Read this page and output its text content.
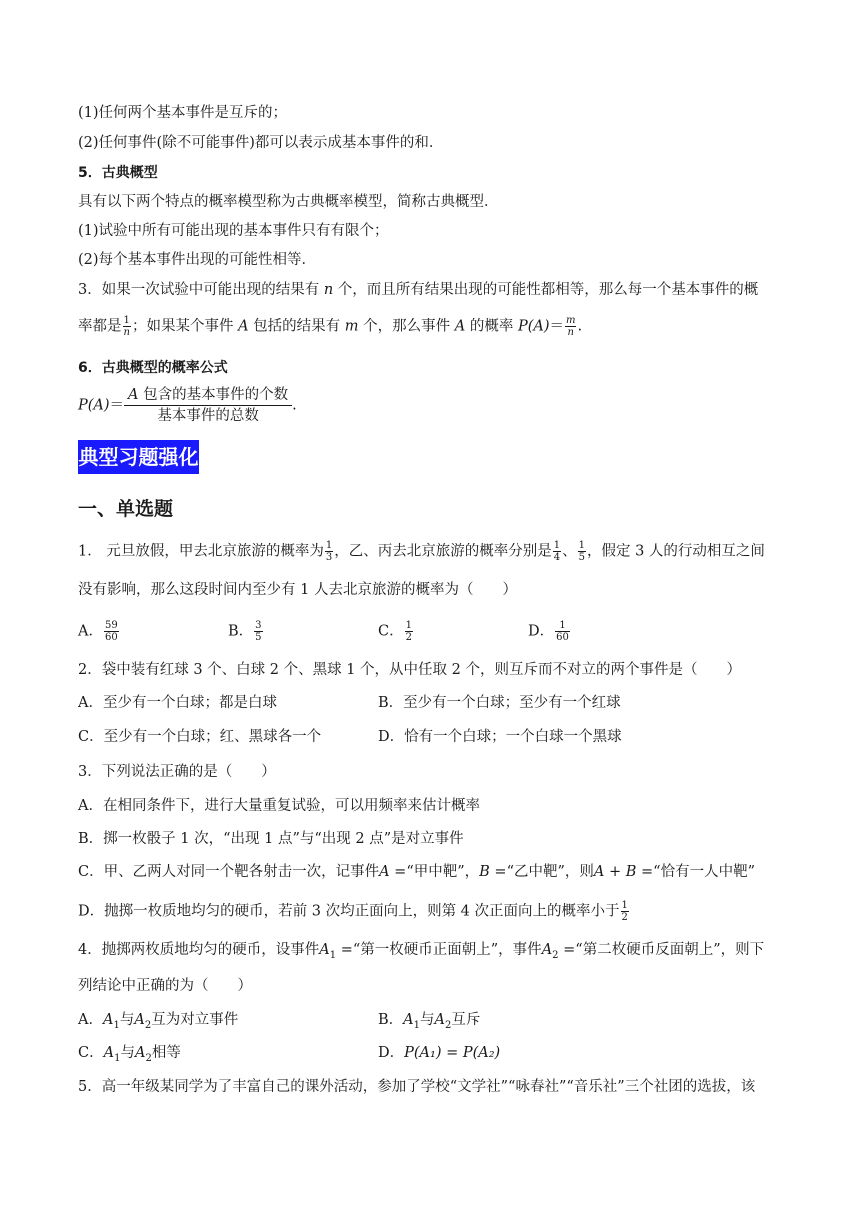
(1)任何两个基本事件是互斥的；
(2)任何事件(除不可能事件)都可以表示成基本事件的和．
5．古典概型
具有以下两个特点的概率模型称为古典概率模型，简称古典概型．
(1)试验中所有可能出现的基本事件只有有限个；
(2)每个基本事件出现的可能性相等．
3．如果一次试验中可能出现的结果有 n 个，而且所有结果出现的可能性都相等，那么每一个基本事件的概
率都是 $\frac{1}{n}$ ；如果某个事件 A 包括的结果有 m 个，那么事件 A 的概率 $P(A)= \frac{m}{n}$ .
6．古典概型的概率公式
P(A)＝
A 包含的基本事件的个数
基本事件的总数
.
典型习题强化
一、单选题
1． 元旦放假，甲去北京旅游的概率为 $\frac{1}{3}$ ，乙、丙去北京旅游的概率分别是 $\frac{1}{4}$ 、 $\frac{1}{5}$ ，假定 3 人的行动相互之间
没有影响，那么这段时间内至少有 1 人去北京旅游的概率为（　　）
A． $\frac{59}{60}$	B． $\frac{3}{5}$	C． $\frac{1}{2}$	D． $\frac{1}{60}$
2．袋中装有红球 3 个、白球 2 个、黑球 1 个，从中任取 2 个，则互斥而不对立的两个事件是（　　）
A．至少有一个白球；都是白球	B．至少有一个白球；至少有一个红球
C．至少有一个白球；红、黑球各一个	D．恰有一个白球；一个白球一个黑球
3．下列说法正确的是（　　）
A．在相同条件下，进行大量重复试验，可以用频率来估计概率
B．掷一枚骰子 1 次，“出现 1 点”与“出现 2 点”是对立事件
C．甲、乙两人对同一个靶各射击一次，记事件A =“甲中靶”，B =“乙中靶”，则A + B =“恰有一人中靶”
D．抛掷一枚质地均匀的硬币，若前 3 次均正面向上，则第 4 次正面向上的概率小于 $\frac{1}{2}$
4．抛掷两枚质地均匀的硬币，设事件$A_1$ =“第一枚硬币正面朝上”，事件$A_2$ =“第二枚硬币反面朝上”，则下
列结论中正确的为（　　）
A．$A_1$与$A_2$互为对立事件	B．$A_1$与$A_2$互斥
C．$A_1$与$A_2$相等	D．P(A₁) = P(A₂)
5．高一年级某同学为了丰富自己的课外活动，参加了学校“文学社”“咏春社”“音乐社”三个社团的选拔，该
